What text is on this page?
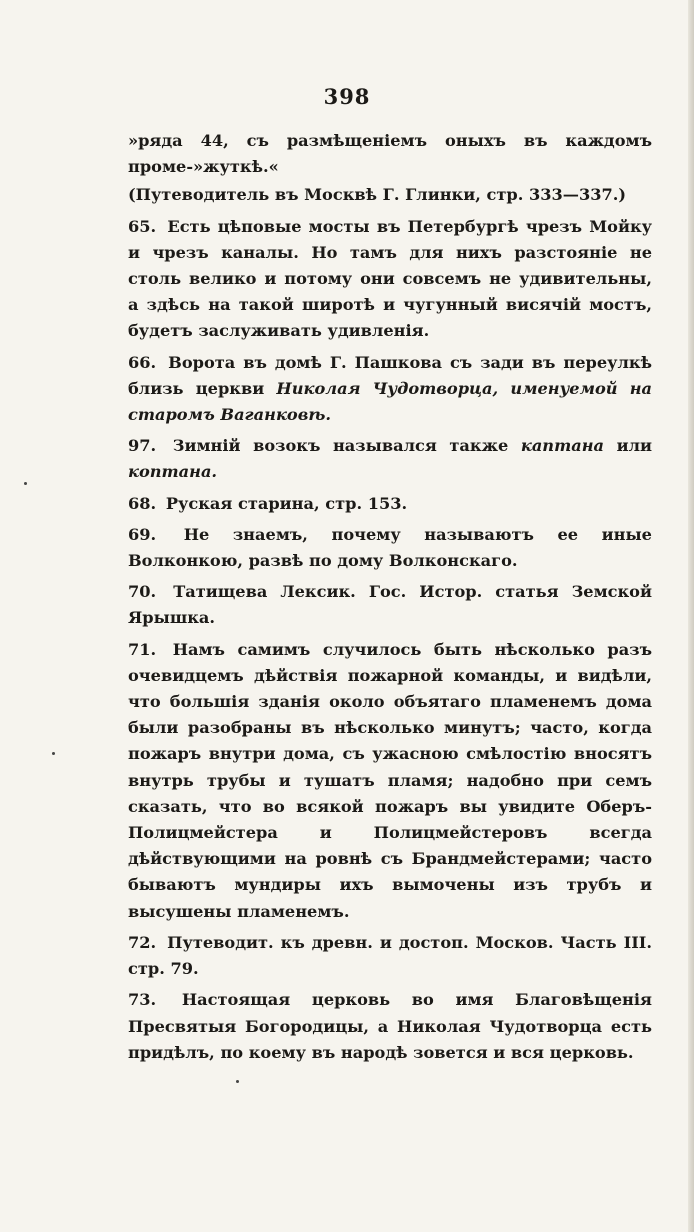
398

»ряда 44, съ размѣщеніемъ оныхъ въ каждомъ проме-»жуткѣ.«

(Путеводитель въ Москвѣ Г. Глинки, стр. 333—337.)

65. Есть цѣповые мосты въ Петербургѣ чрезъ Мойку и чрезъ каналы. Но тамъ для нихъ разстояніе не столь велико и потому они совсемъ не удивительны, а здѣсь на такой широтѣ и чугунный висячій мостъ, будетъ заслуживать удивленія.

66. Ворота въ домѣ Г. Пашкова съ зади въ переулкѣ близь церкви Николая Чудотворца, именуемой на старомъ Ваганковѣ.

97. Зимній возокъ назывался также каптана или коптана.

68. Руская старина, стр. 153.

69. Не знаемъ, почему называютъ ее иные Волконкою, развѣ по дому Волконскаго.

70. Татищева Лексик. Гос. Истор. статья Земской Ярышка.

71. Намъ самимъ случилось быть нѣсколько разъ очевидцемъ дѣйствія пожарной команды, и видѣли, что большія зданія около объятаго пламенемъ дома были разобраны въ нѣсколько минутъ; часто, когда пожаръ внутри дома, съ ужасною смѣлостію вносятъ внутрь трубы и тушатъ пламя; надобно при семъ сказать, что во всякой пожаръ вы увидите Оберъ-Полицмейстера и Полицмейстеровъ всегда дѣйствующими на ровнѣ съ Брандмейстерами; часто бываютъ мундиры ихъ вымочены изъ трубъ и высушены пламенемъ.

72. Путеводит. къ древн. и достоп. Москов. Часть III. стр. 79.

73. Настоящая церковь во имя Благовѣщенія Пресвятыя Богородицы, а Николая Чудотворца есть придѣлъ, по коему въ народѣ зовется и вся церковь.
